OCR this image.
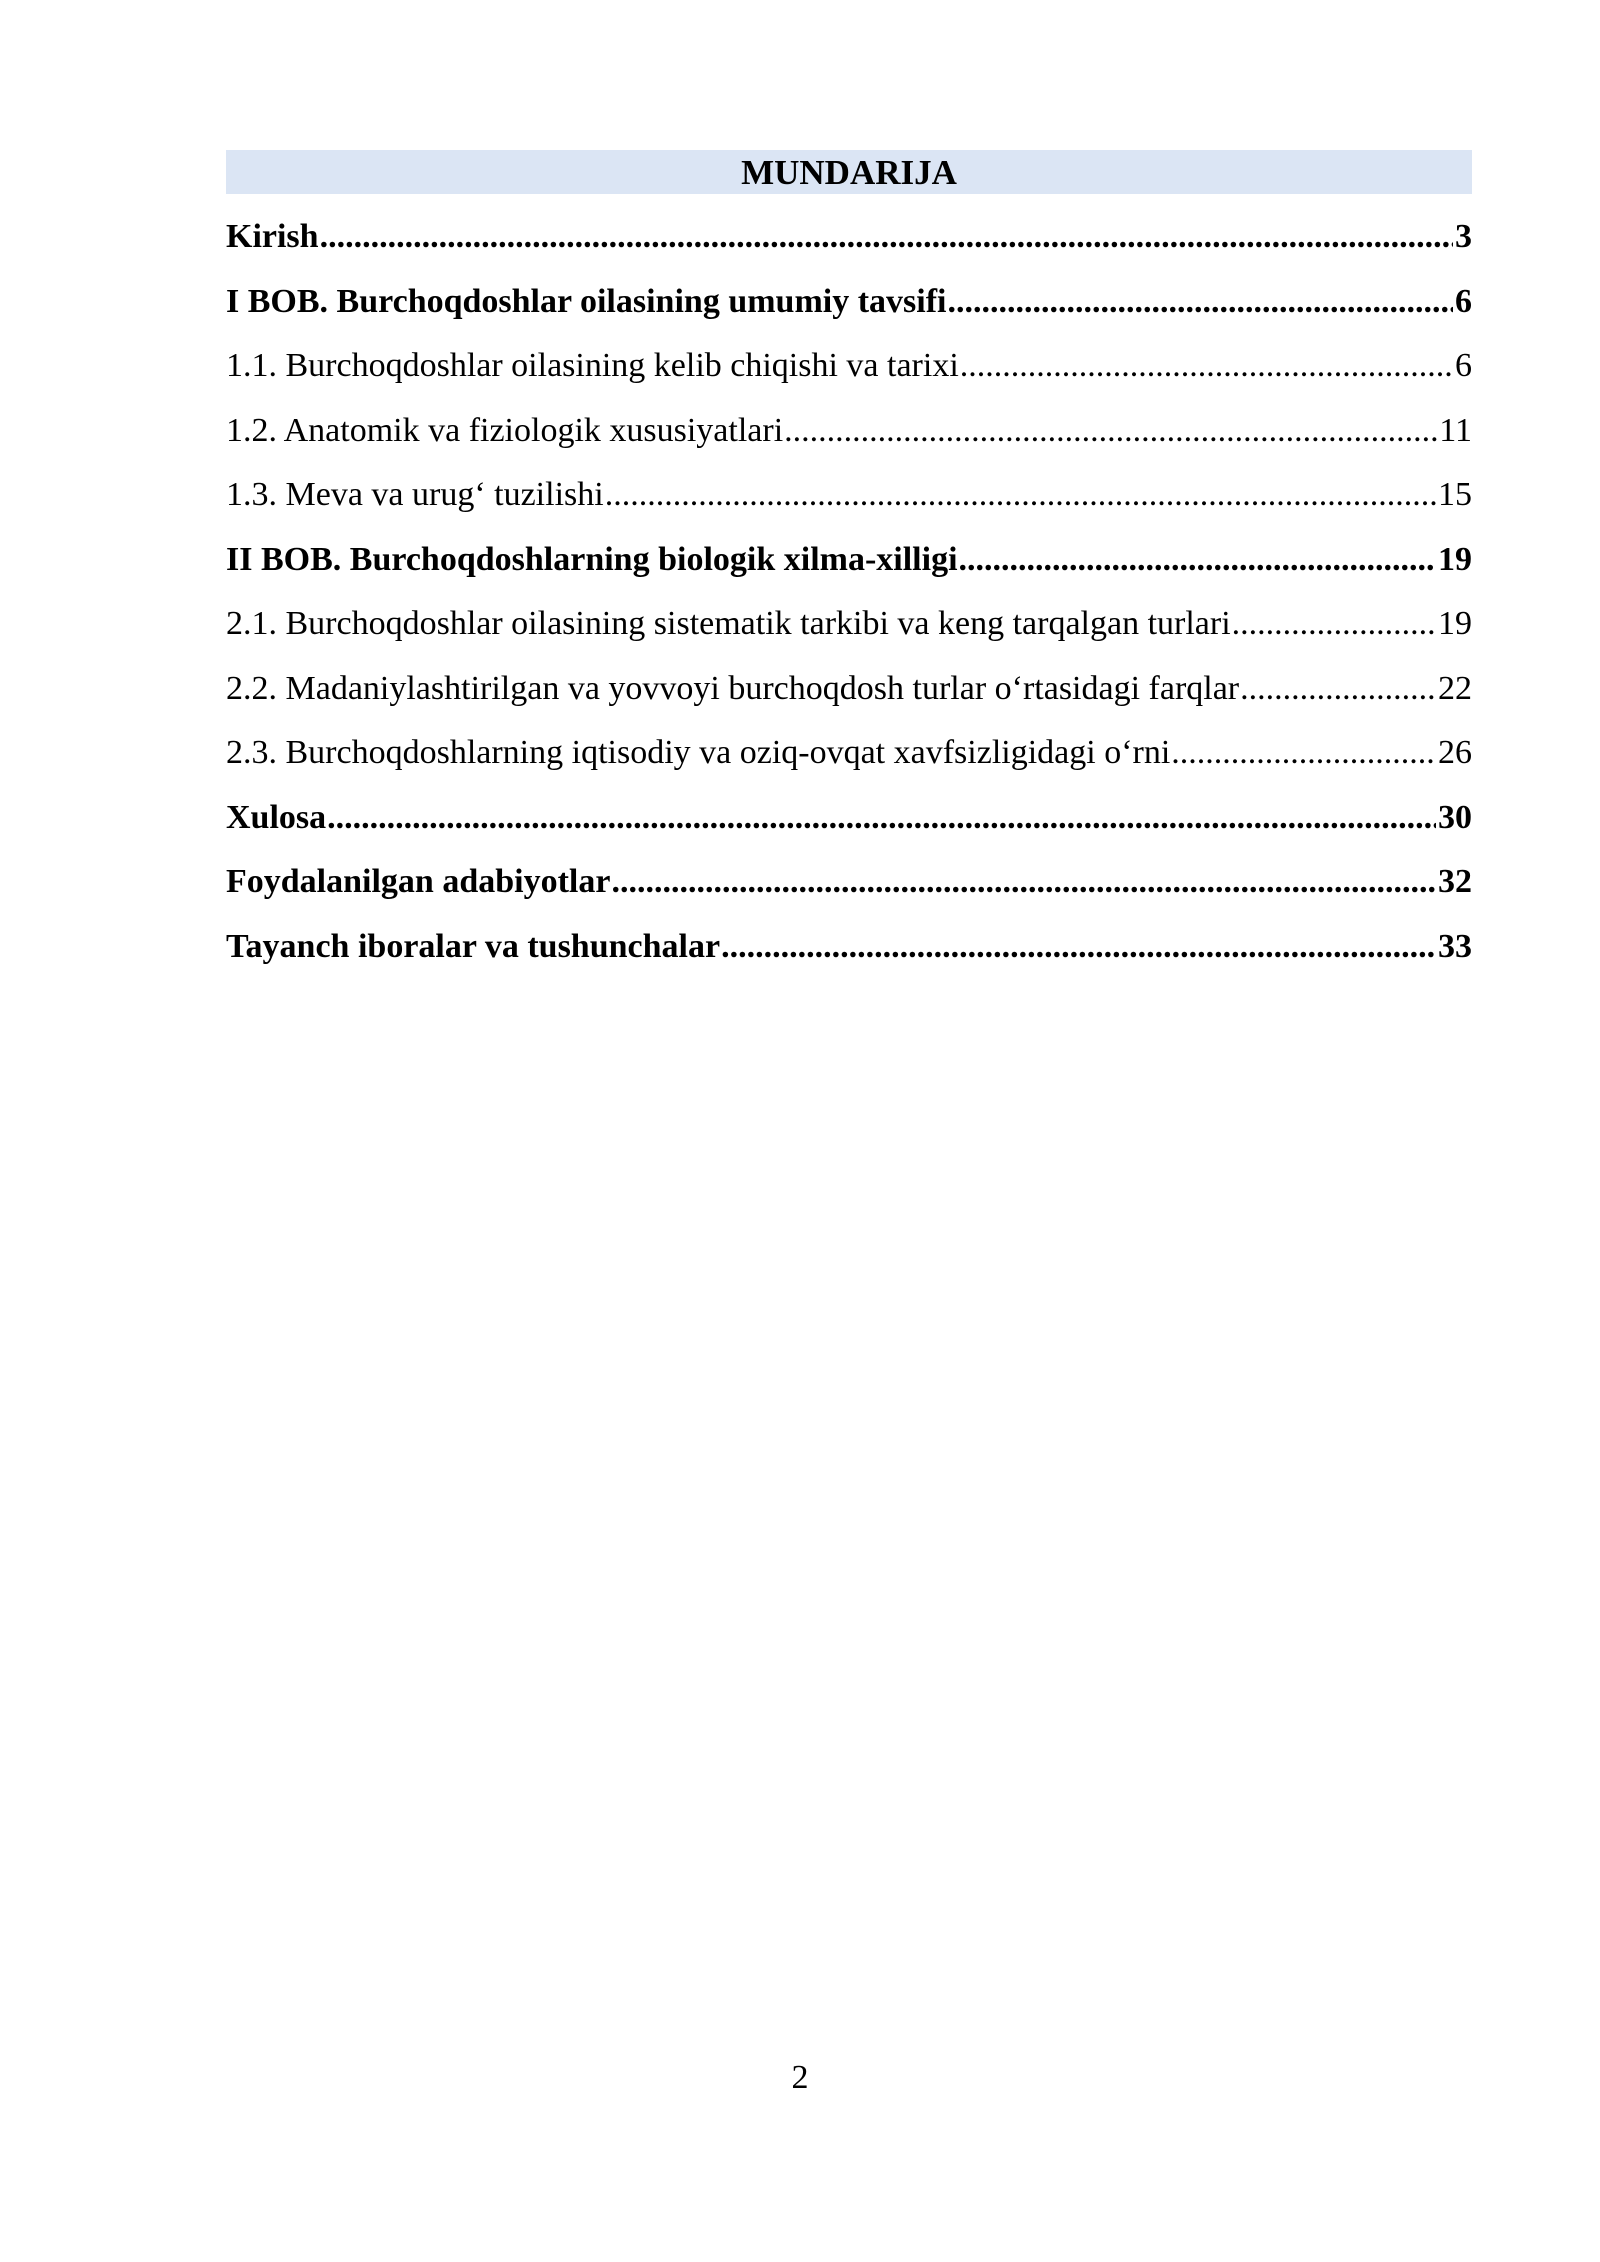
MUNDARIJA
Kirish .....	3
I BOB. Burchoqdoshlar oilasining umumiy tavsifi .....	6
1.1. Burchoqdoshlar oilasining kelib chiqishi va tarixi .....	6
1.2. Anatomik va fiziologik xususiyatlari .....	11
1.3. Meva va urug‘ tuzilishi .....	15
II BOB. Burchoqdoshlarning biologik xilma-xilligi .....	19
2.1. Burchoqdoshlar oilasining sistematik tarkibi va keng tarqalgan turlari .....	19
2.2. Madaniylashtirilgan va yovvoyi burchoqdosh turlar o‘rtasidagi farqlar .....	22
2.3. Burchoqdoshlarning iqtisodiy va oziq-ovqat xavfsizligidagi o‘rni .....	26
Xulosa .....	30
Foydalanilgan adabiyotlar .....	32
Tayanch iboralar va tushunchalar .....	33
2
